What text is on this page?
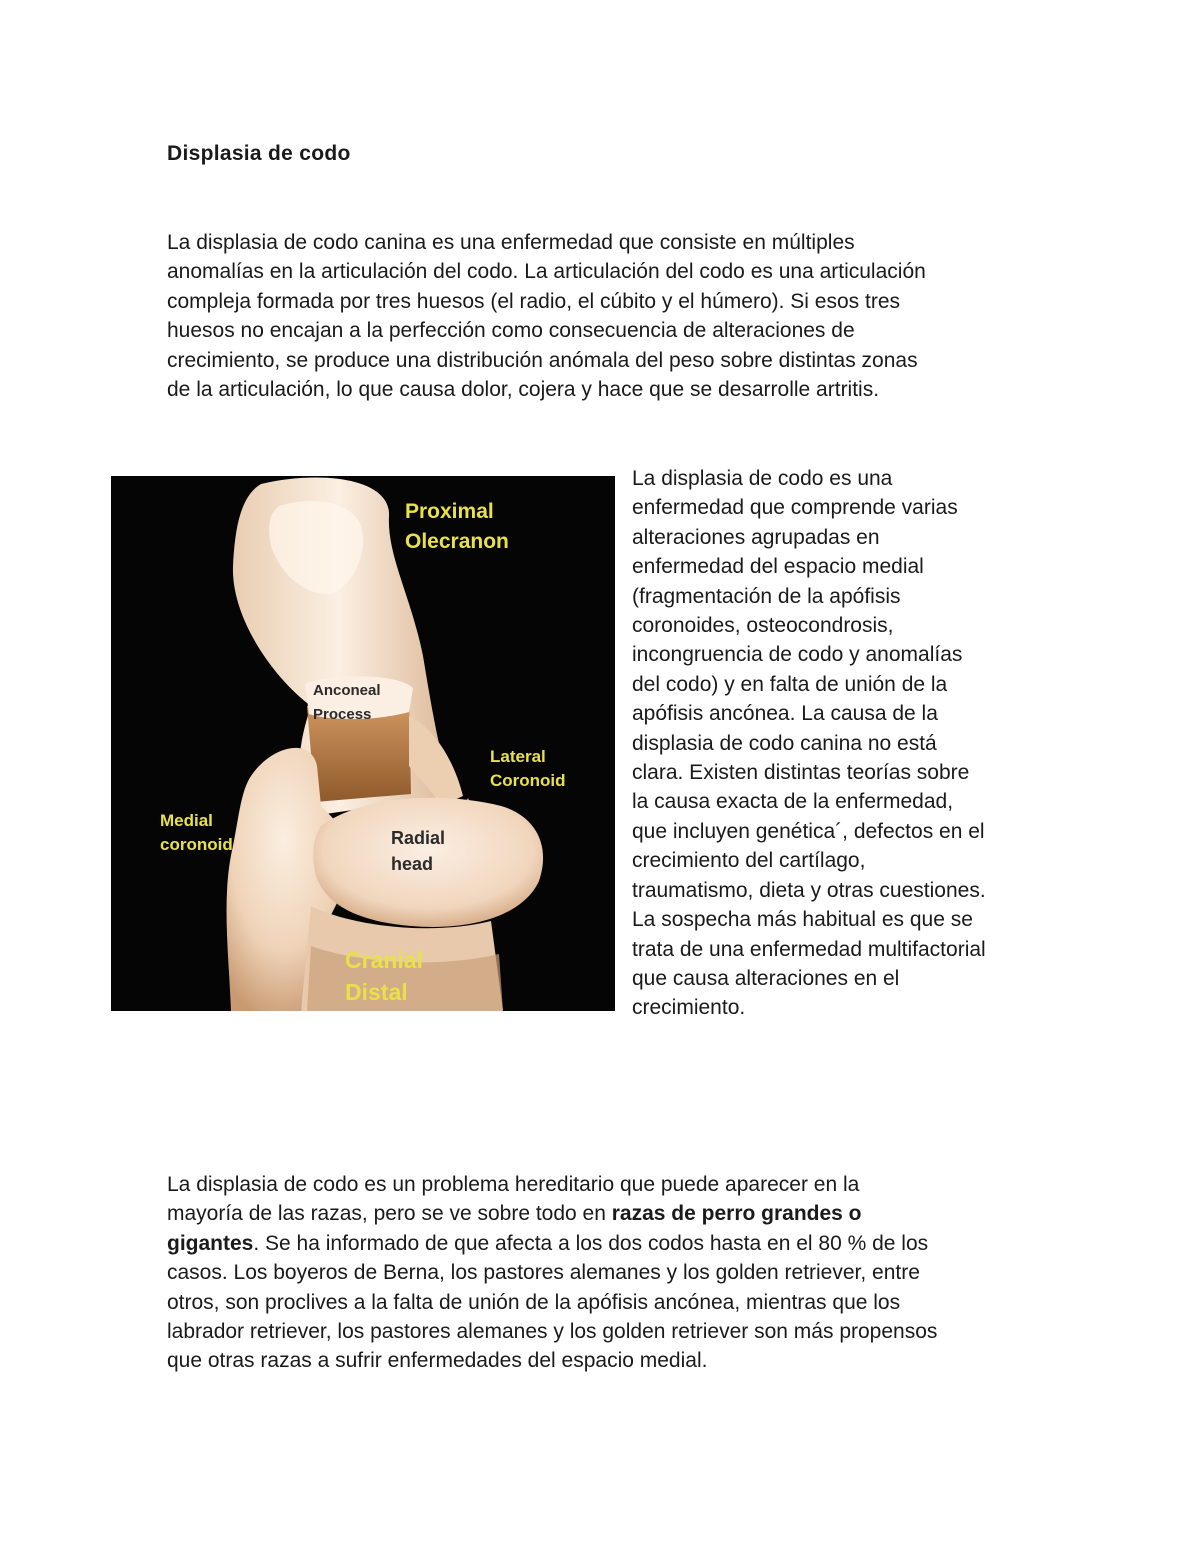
Displasia de codo

La displasia de codo canina es una enfermedad que consiste en múltiples
anomalías en la articulación del codo. La articulación del codo es una articulación
compleja formada por tres huesos (el radio, el cúbito y el húmero). Si esos tres
huesos no encajan a la perfección como consecuencia de alteraciones de
crecimiento, se produce una distribución anómala del peso sobre distintas zonas
de la articulación, lo que causa dolor, cojera y hace que se desarrolle artritis.

Proximal
Olecranon
Anconeal
Process
Lateral
Coronoid
Medial
coronoid	Radial
head
Cranial
Distal

La displasia de codo es una
enfermedad que comprende varias
alteraciones agrupadas en
enfermedad del espacio medial
(fragmentación de la apófisis
coronoides, osteocondrosis,
incongruencia de codo y anomalías
del codo) y en falta de unión de la
apófisis ancónea. La causa de la
displasia de codo canina no está
clara. Existen distintas teorías sobre
la causa exacta de la enfermedad,
que incluyen genética´, defectos en el
crecimiento del cartílago,
traumatismo, dieta y otras cuestiones.
La sospecha más habitual es que se
trata de una enfermedad multifactorial
que causa alteraciones en el
crecimiento.

La displasia de codo es un problema hereditario que puede aparecer en la
mayoría de las razas, pero se ve sobre todo en razas de perro grandes o
gigantes. Se ha informado de que afecta a los dos codos hasta en el 80 % de los
casos. Los boyeros de Berna, los pastores alemanes y los golden retriever, entre
otros, son proclives a la falta de unión de la apófisis ancónea, mientras que los
labrador retriever, los pastores alemanes y los golden retriever son más propensos
que otras razas a sufrir enfermedades del espacio medial.
